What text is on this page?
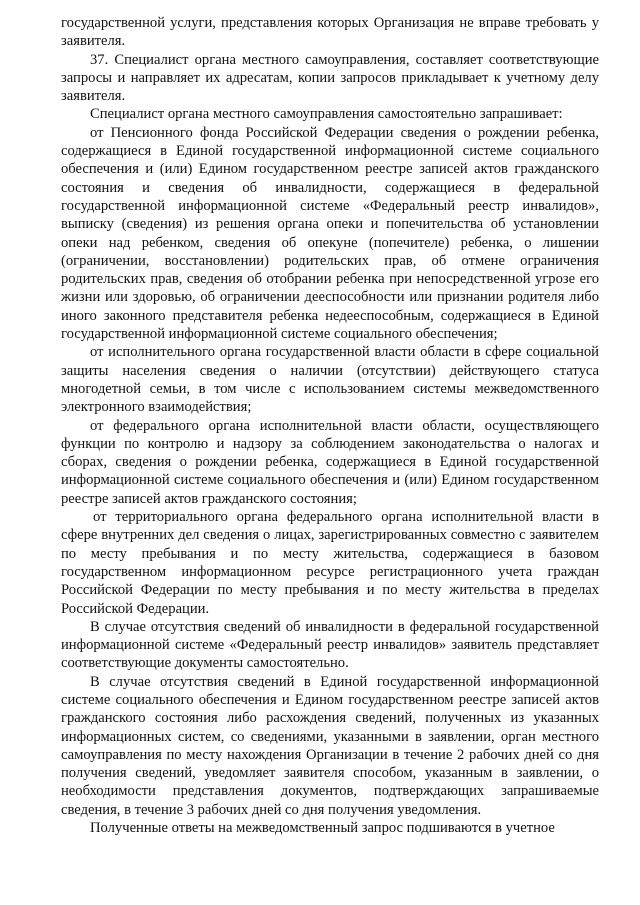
государственной услуги, представления которых Организация не вправе требовать у заявителя.

37. Специалист органа местного самоуправления, составляет соответствующие запросы и направляет их адресатам, копии запросов прикладывает к учетному делу заявителя.

Специалист органа местного самоуправления самостоятельно запрашивает:

от Пенсионного фонда Российской Федерации сведения о рождении ребенка, содержащиеся в Единой государственной информационной системе социального обеспечения и (или) Едином государственном реестре записей актов гражданского состояния и сведения об инвалидности, содержащиеся в федеральной государственной информационной системе «Федеральный реестр инвалидов», выписку (сведения) из решения органа опеки и попечительства об установлении опеки над ребенком, сведения об опекуне (попечителе) ребенка, о лишении (ограничении, восстановлении) родительских прав, об отмене ограничения родительских прав, сведения об отобрании ребенка при непосредственной угрозе его жизни или здоровью, об ограничении дееспособности или признании родителя либо иного законного представителя ребенка недееспособным, содержащиеся в Единой государственной информационной системе социального обеспечения;

от исполнительного органа государственной власти области в сфере социальной защиты населения сведения о наличии (отсутствии) действующего статуса многодетной семьи, в том числе с использованием системы межведомственного электронного взаимодействия;

от федерального органа исполнительной власти области, осуществляющего функции по контролю и надзору за соблюдением законодательства о налогах и сборах, сведения о рождении ребенка, содержащиеся в Единой государственной информационной системе социального обеспечения и (или) Едином государственном реестре записей актов гражданского состояния;

от территориального органа федерального органа исполнительной власти в сфере внутренних дел сведения о лицах, зарегистрированных совместно с заявителем по месту пребывания и по месту жительства, содержащиеся в базовом государственном информационном ресурсе регистрационного учета граждан Российской Федерации по месту пребывания и по месту жительства в пределах Российской Федерации.

В случае отсутствия сведений об инвалидности в федеральной государственной информационной системе «Федеральный реестр инвалидов» заявитель представляет соответствующие документы самостоятельно.

В случае отсутствия сведений в Единой государственной информационной системе социального обеспечения и Едином государственном реестре записей актов гражданского состояния либо расхождения сведений, полученных из указанных информационных систем, со сведениями, указанными в заявлении, орган местного самоуправления по месту нахождения Организации в течение 2 рабочих дней со дня получения сведений, уведомляет заявителя способом, указанным в заявлении, о необходимости представления документов, подтверждающих запрашиваемые сведения, в течение 3 рабочих дней со дня получения уведомления.

Полученные ответы на межведомственный запрос подшиваются в учетное
